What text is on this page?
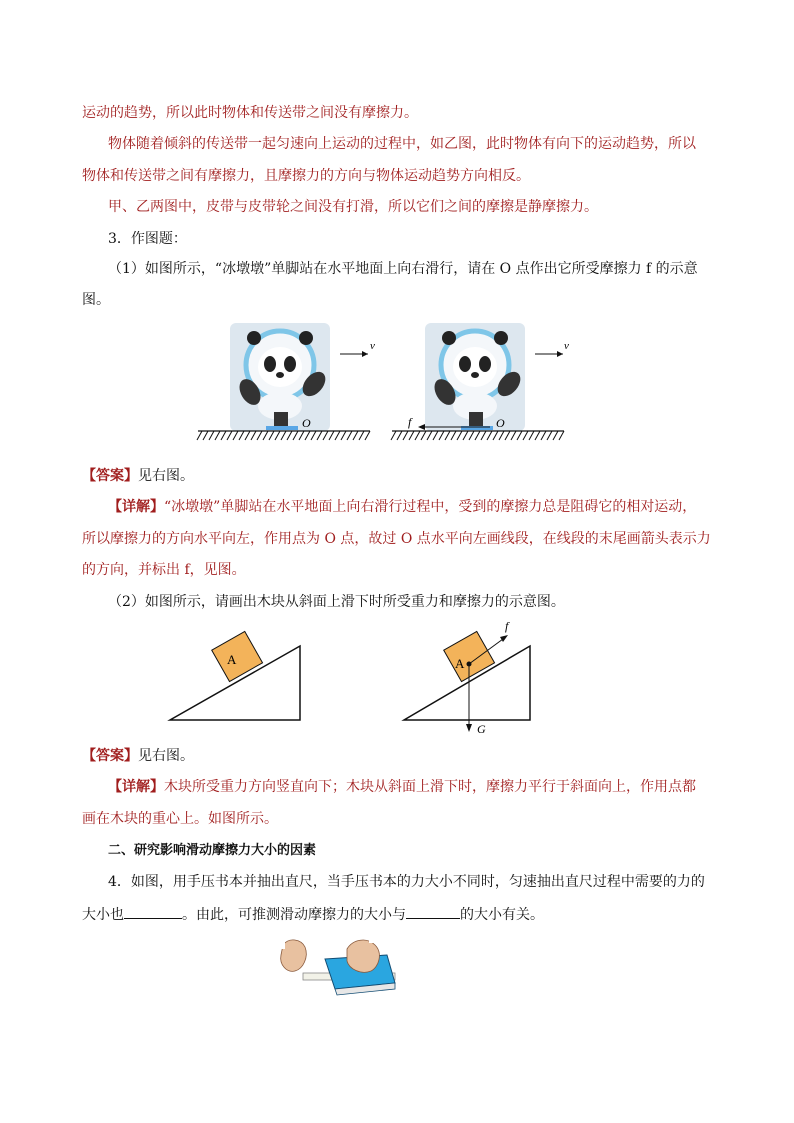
运动的趋势，所以此时物体和传送带之间没有摩擦力。
物体随着倾斜的传送带一起匀速向上运动的过程中，如乙图，此时物体有向下的运动趋势，所以
物体和传送带之间有摩擦力，且摩擦力的方向与物体运动趋势方向相反。
甲、乙两图中，皮带与皮带轮之间没有打滑，所以它们之间的摩擦是静摩擦力。
3．作图题：
（1）如图所示，“冰墩墩”单脚站在水平地面上向右滑行，请在 O 点作出它所受摩擦力 f 的示意
图。
v
O
v
f	O
【答案】见右图。
【详解】“冰墩墩”单脚站在水平地面上向右滑行过程中，受到的摩擦力总是阻碍它的相对运动，
所以摩擦力的方向水平向左，作用点为 O 点，故过 O 点水平向左画线段，在线段的末尾画箭头表示力
的方向，并标出 f，见图。
（2）如图所示，请画出木块从斜面上滑下时所受重力和摩擦力的示意图。
A	A
f
G
【答案】见右图。
【详解】木块所受重力方向竖直向下；木块从斜面上滑下时，摩擦力平行于斜面向上，作用点都
画在木块的重心上。如图所示。
二、研究影响滑动摩擦力大小的因素
4．如图，用手压书本并抽出直尺，当手压书本的力大小不同时，匀速抽出直尺过程中需要的力的
大小也	。由此，可推测滑动摩擦力的大小与	的大小有关。
